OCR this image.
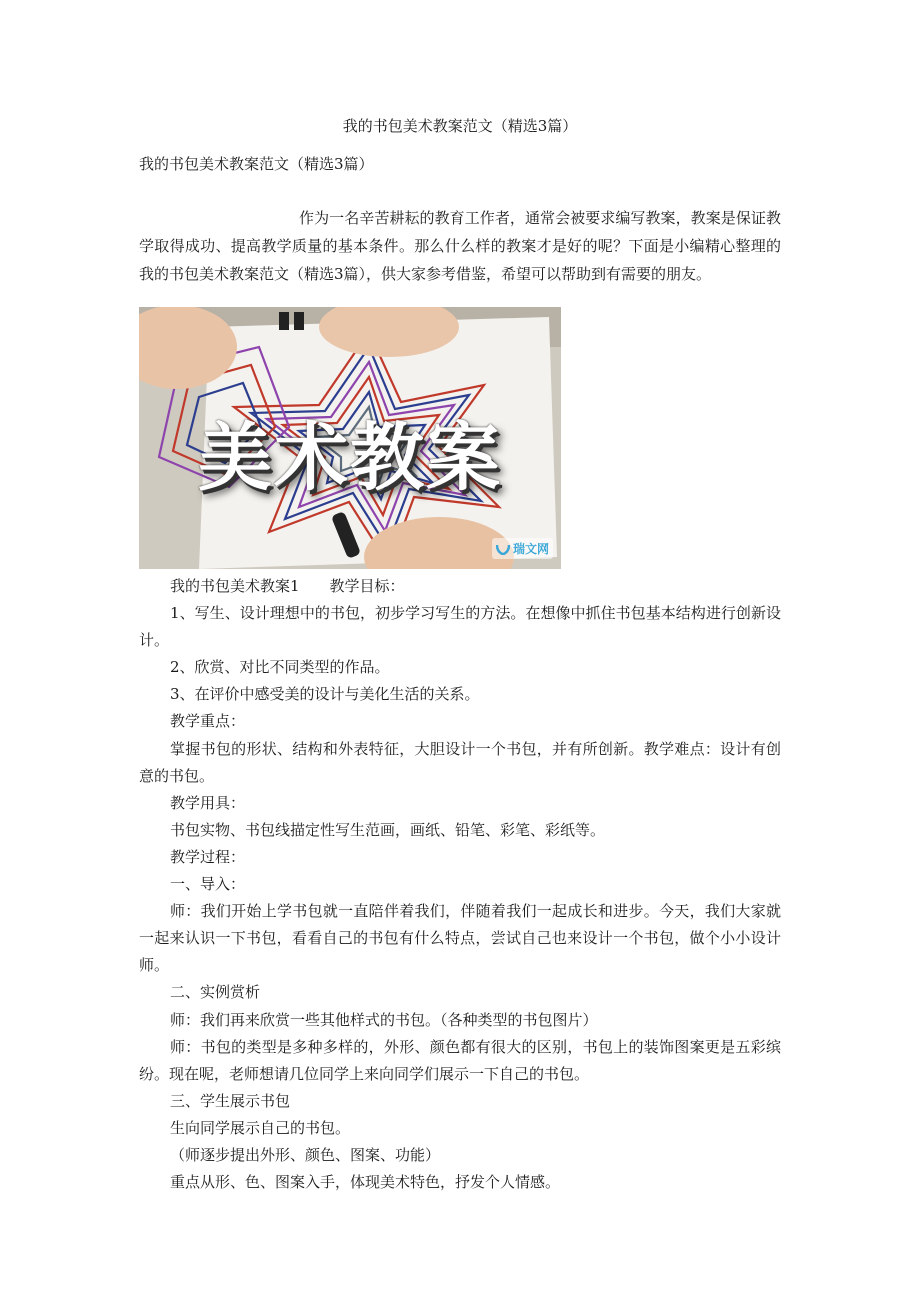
我的书包美术教案范文（精选3篇）
我的书包美术教案范文（精选3篇）

作为一名辛苦耕耘的教育工作者，通常会被要求编写教案，教案是保证教学取得成功、提高教学质量的基本条件。那么什么样的教案才是好的呢？下面是小编精心整理的我的书包美术教案范文（精选3篇），供大家参考借鉴，希望可以帮助到有需要的朋友。

美术教案
瑞文网

我的书包美术教案1　　教学目标：

1、写生、设计理想中的书包，初步学习写生的方法。在想像中抓住书包基本结构进行创新设计。

2、欣赏、对比不同类型的作品。

3、在评价中感受美的设计与美化生活的关系。

教学重点：

掌握书包的形状、结构和外表特征，大胆设计一个书包，并有所创新。教学难点：设计有创意的书包。

教学用具：

书包实物、书包线描定性写生范画，画纸、铅笔、彩笔、彩纸等。

教学过程：

一、导入：

师：我们开始上学书包就一直陪伴着我们，伴随着我们一起成长和进步。今天，我们大家就一起来认识一下书包，看看自己的书包有什么特点，尝试自己也来设计一个书包，做个小小设计师。

二、实例赏析

师：我们再来欣赏一些其他样式的书包。（各种类型的书包图片）

师：书包的类型是多种多样的，外形、颜色都有很大的区别，书包上的装饰图案更是五彩缤纷。现在呢，老师想请几位同学上来向同学们展示一下自己的书包。

三、学生展示书包

生向同学展示自己的书包。

（师逐步提出外形、颜色、图案、功能）

重点从形、色、图案入手，体现美术特色，抒发个人情感。
